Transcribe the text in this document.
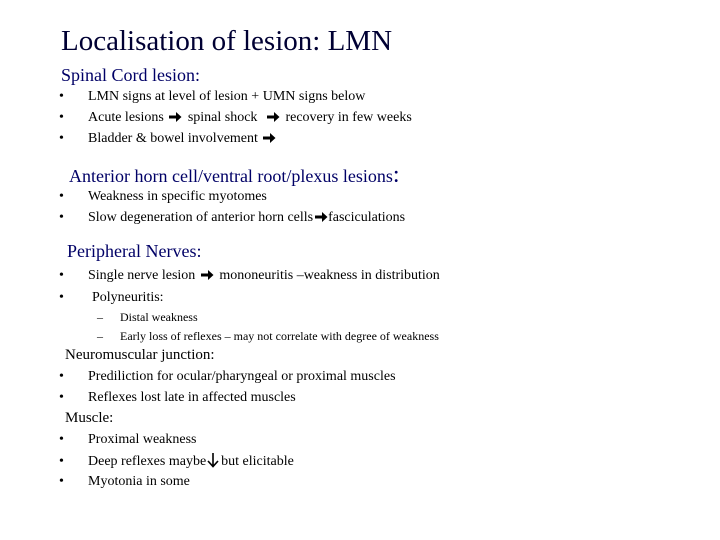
Localisation of lesion: LMN
Spinal Cord lesion:
• LMN signs at level of lesion + UMN signs below
• Acute lesions spinal shock recovery in few weeks
• Bladder & bowel involvement
Anterior horn cell/ventral root/plexus lesions:
• Weakness in specific myotomes
• Slow degeneration of anterior horn cells fasciculations
Peripheral Nerves:
• Single nerve lesion mononeuritis –weakness in distribution
• Polyneuritis:
– Distal weakness
– Early loss of reflexes – may not correlate with degree of weakness
Neuromuscular junction:
• Prediliction for ocular/pharyngeal or proximal muscles
• Reflexes lost late in affected muscles
Muscle:
• Proximal weakness
• Deep reflexes maybe but elicitable
• Myotonia in some
